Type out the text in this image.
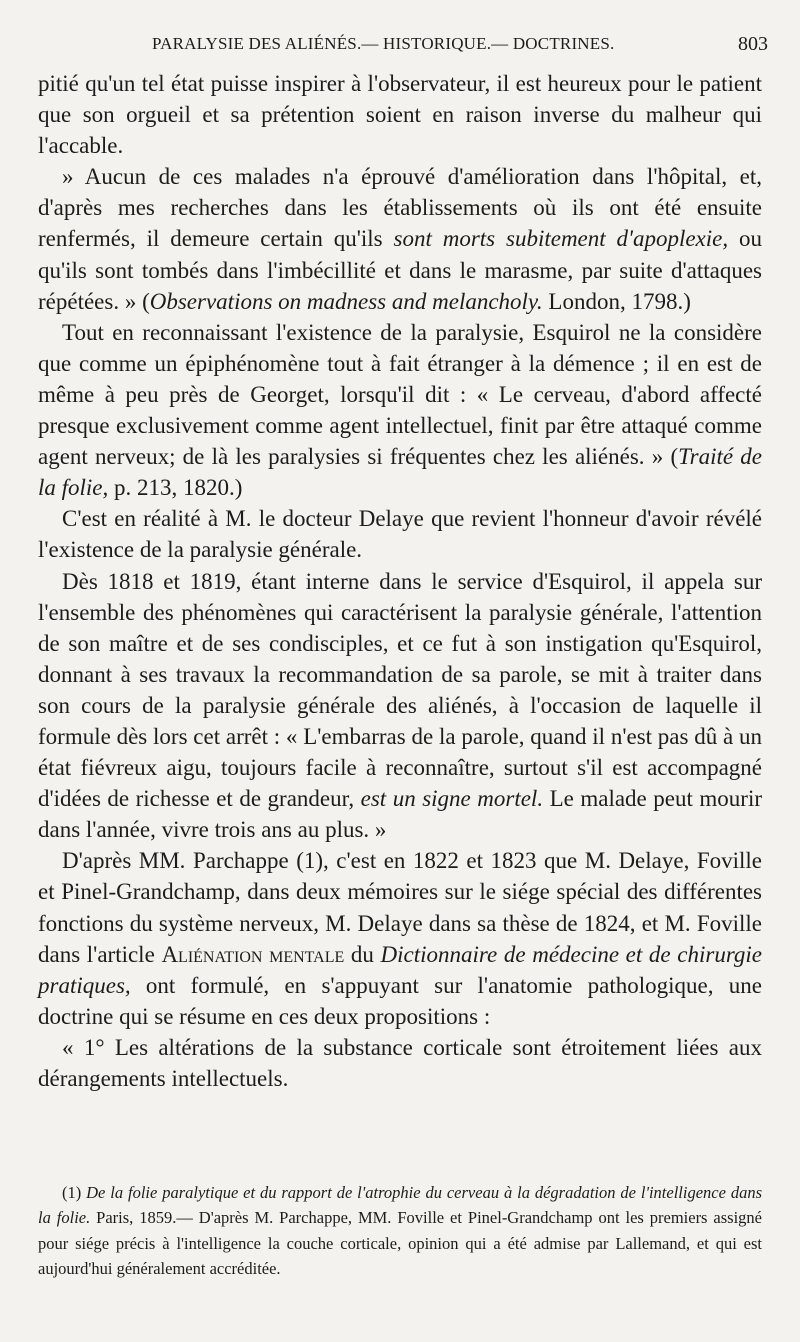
PARALYSIE DES ALIÉNÉS.— HISTORIQUE.— DOCTRINES.	803

pitié qu'un tel état puisse inspirer à l'observateur, il est heureux pour le patient que son orgueil et sa prétention soient en raison inverse du malheur qui l'accable.

» Aucun de ces malades n'a éprouvé d'amélioration dans l'hôpital, et, d'après mes recherches dans les établissements où ils ont été ensuite renfermés, il demeure certain qu'ils sont morts subitement d'apoplexie, ou qu'ils sont tombés dans l'imbécillité et dans le marasme, par suite d'attaques répétées. » (Observations on madness and melancholy. London, 1798.)

Tout en reconnaissant l'existence de la paralysie, Esquirol ne la considère que comme un épiphénomène tout à fait étranger à la démence ; il en est de même à peu près de Georget, lorsqu'il dit : « Le cerveau, d'abord affecté presque exclusivement comme agent intellectuel, finit par être attaqué comme agent nerveux; de là les paralysies si fréquentes chez les aliénés. » (Traité de la folie, p. 213, 1820.)

C'est en réalité à M. le docteur Delaye que revient l'honneur d'avoir révélé l'existence de la paralysie générale.

Dès 1818 et 1819, étant interne dans le service d'Esquirol, il appela sur l'ensemble des phénomènes qui caractérisent la paralysie générale, l'attention de son maître et de ses condisciples, et ce fut à son instigation qu'Esquirol, donnant à ses travaux la recommandation de sa parole, se mit à traiter dans son cours de la paralysie générale des aliénés, à l'occasion de laquelle il formule dès lors cet arrêt : « L'embarras de la parole, quand il n'est pas dû à un état fiévreux aigu, toujours facile à reconnaître, surtout s'il est accompagné d'idées de richesse et de grandeur, est un signe mortel. Le malade peut mourir dans l'année, vivre trois ans au plus. »

D'après MM. Parchappe (1), c'est en 1822 et 1823 que M. Delaye, Foville et Pinel-Grandchamp, dans deux mémoires sur le siége spécial des différentes fonctions du système nerveux, M. Delaye dans sa thèse de 1824, et M. Foville dans l'article Aliénation mentale du Dictionnaire de médecine et de chirurgie pratiques, ont formulé, en s'appuyant sur l'anatomie pathologique, une doctrine qui se résume en ces deux propositions :

« 1° Les altérations de la substance corticale sont étroitement liées aux dérangements intellectuels.

(1) De la folie paralytique et du rapport de l'atrophie du cerveau à la dégradation de l'intelligence dans la folie. Paris, 1859.— D'après M. Parchappe, MM. Foville et Pinel-Grandchamp ont les premiers assigné pour siége précis à l'intelligence la couche corticale, opinion qui a été admise par Lallemand, et qui est aujourd'hui généralement accréditée.
